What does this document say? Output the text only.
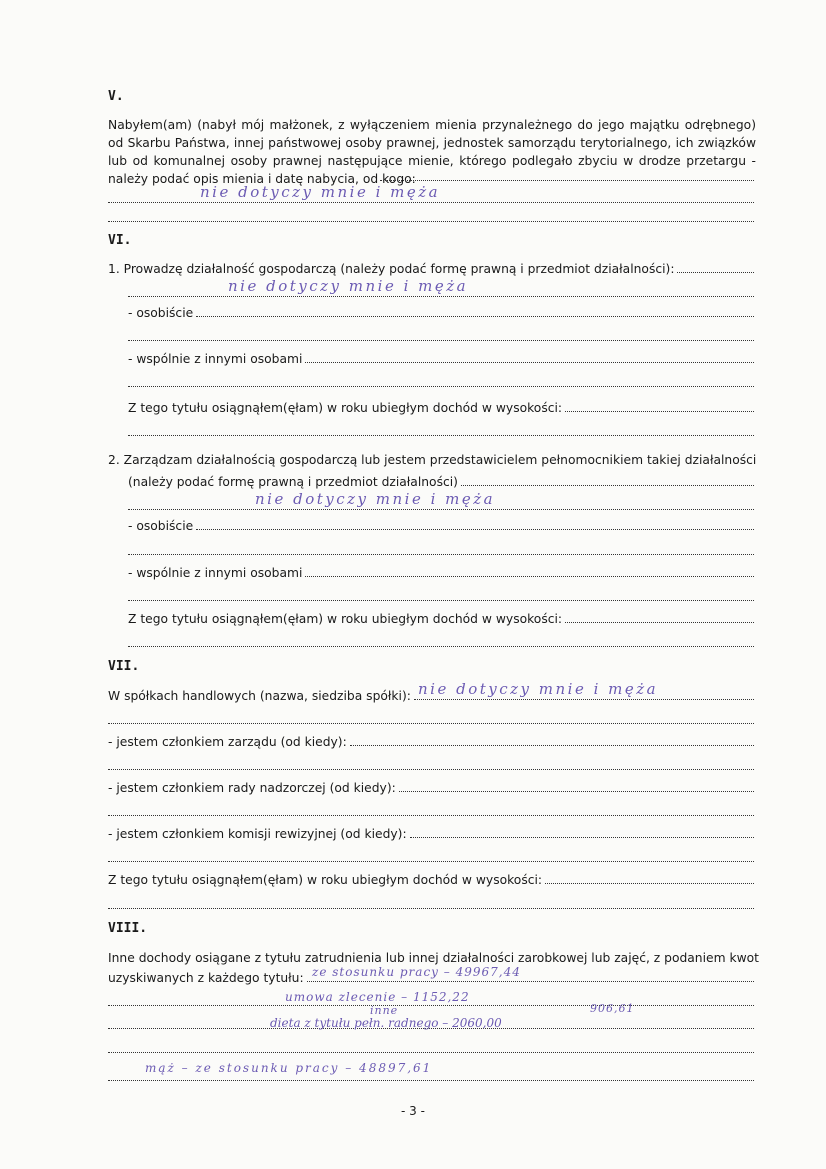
V.
Nabyłem(am) (nabył mój małżonek, z wyłączeniem mienia przynależnego do jego majątku odrębnego) od Skarbu Państwa, innej państwowej osoby prawnej, jednostek samorządu terytorialnego, ich związków lub od komunalnej osoby prawnej następujące mienie, którego podlegało zbyciu w drodze przetargu - należy podać opis mienia i datę nabycia, od kogo:
nie dotyczy mnie i męża
VI.
1. Prowadzę działalność gospodarczą (należy podać formę prawną i przedmiot działalności):
nie dotyczy mnie i męża
- osobiście
- wspólnie z innymi osobami
Z tego tytułu osiągnąłem(ęłam) w roku ubiegłym dochód w wysokości:
2. Zarządzam działalnością gospodarczą lub jestem przedstawicielem pełnomocnikiem takiej działalności
(należy podać formę prawną i przedmiot działalności)
nie dotyczy mnie i męża
- osobiście
- wspólnie z innymi osobami
Z tego tytułu osiągnąłem(ęłam) w roku ubiegłym dochód w wysokości:
VII.
W spółkach handlowych (nazwa, siedziba spółki): nie dotyczy mnie i męża
- jestem członkiem zarządu (od kiedy):
- jestem członkiem rady nadzorczej (od kiedy):
- jestem członkiem komisji rewizyjnej (od kiedy):
Z tego tytułu osiągnąłem(ęłam) w roku ubiegłym dochód w wysokości:
VIII.
Inne dochody osiągane z tytułu zatrudnienia lub innej działalności zarobkowej lub zajęć, z podaniem kwot
uzyskiwanych z każdego tytułu: ze stosunku pracy – 49967,44
umowa zlecenie – 1152,22
inne	906,61
dieta z tytułu pełn. radnego – 2060,00
mąż – ze stosunku pracy – 48897,61
- 3 -
